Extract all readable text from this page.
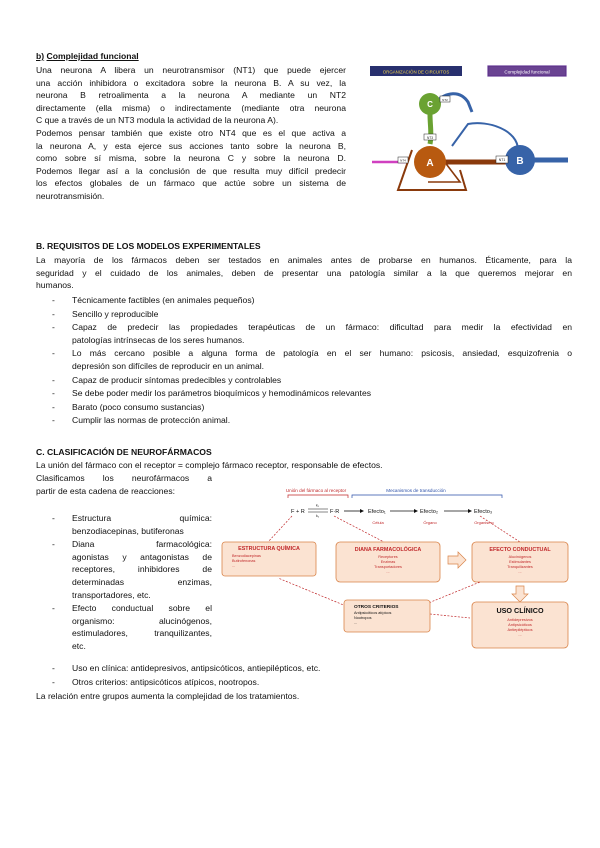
b) Complejidad funcional

Una neurona A libera un neurotransmisor (NT1) que puede ejercer

una acción inhibidora o excitadora sobre la neurona B. A su vez, la

neurona B retroalimenta a la neurona A mediante un NT2

directamente (ella misma) o indirectamente (mediante otra neurona

C que a través de un NT3 modula la actividad de la neurona A).

Podemos pensar también que existe otro NT4 que es el que activa a

la neurona A, y esta ejerce sus acciones tanto sobre la neurona B,

como sobre sí misma, sobre la neurona C y sobre la neurona D.

Podemos llegar así a la conclusión de que resulta muy difícil predecir

los efectos globales de un fármaco que actúe sobre un sistema de

neurotransmisión.

ORGANIZACIÓN DE CIRCUITOS	Complejidad funcional
C
NT2
NT3
A
NT4	B
NT1
B. REQUISITOS DE LOS MODELOS EXPERIMENTALES

La mayoría de los fármacos deben ser testados en animales antes de probarse en humanos. Éticamente, para la

seguridad y el cuidado de los animales, deben de presentar una patología similar a la que queremos mejorar en

humanos.

- Técnicamente factibles (en animales pequeños)

- Sencillo y reproducible

- Capaz de predecir las propiedades terapéuticas de un fármaco: dificultad para medir la efectividad en

patologías intrínsecas de los seres humanos.

- Lo más cercano posible a alguna forma de patología en el ser humano: psicosis, ansiedad, esquizofrenia o

depresión son difíciles de reproducir en un animal.

- Capaz de producir síntomas predecibles y controlables

- Se debe poder medir los parámetros bioquímicos y hemodinámicos relevantes

- Barato (poco consumo sustancias)

- Cumplir las normas de protección animal.

C. CLASIFICACIÓN DE NEUROFÁRMACOS

La unión del fármaco con el receptor = complejo fármaco receptor, responsable de efectos.

Clasificamos los neurofármacos a

partir de esta cadena de reacciones:

- Estructura química:

benzodiacepinas, butiferonas

- Diana farmacológica:

agonistas y antagonistas de

receptores, inhibidores de

determinadas enzimas,

transportadores, etc.

- Efecto conductual sobre el

organismo: alucinógenos,

estimuladores, tranquilizantes,

etc.

- Uso en clínica: antidepresivos, antipsicóticos, antiepilépticos, etc.

- Otros criterios: antipsicóticos atípicos, nootropos.

La relación entre grupos aumenta la complejidad de los tratamientos.

Unión del fármaco al receptor	Mecanismos de transducción
F + R
k₁
k₂
F·R	Efecto₁	Efecto₂	Efecto₃
Célula	Órgano	Organismo
ESTRUCTURA QUÍMICA
Benzodiacepinas
Butirofenonas
...
DIANA FARMACOLÓGICA
Receptores
Enzimas
Transportadores
...
EFECTO CONDUCTUAL
Alucinógenos
Estimulantes
Tranquilizantes
...
OTROS CRITERIOS
Antipsicóticos atípicos
Nootropos
...
USO CLÍNICO
Antidepresivos
Antipsicóticos
Antiepilépticos
...
